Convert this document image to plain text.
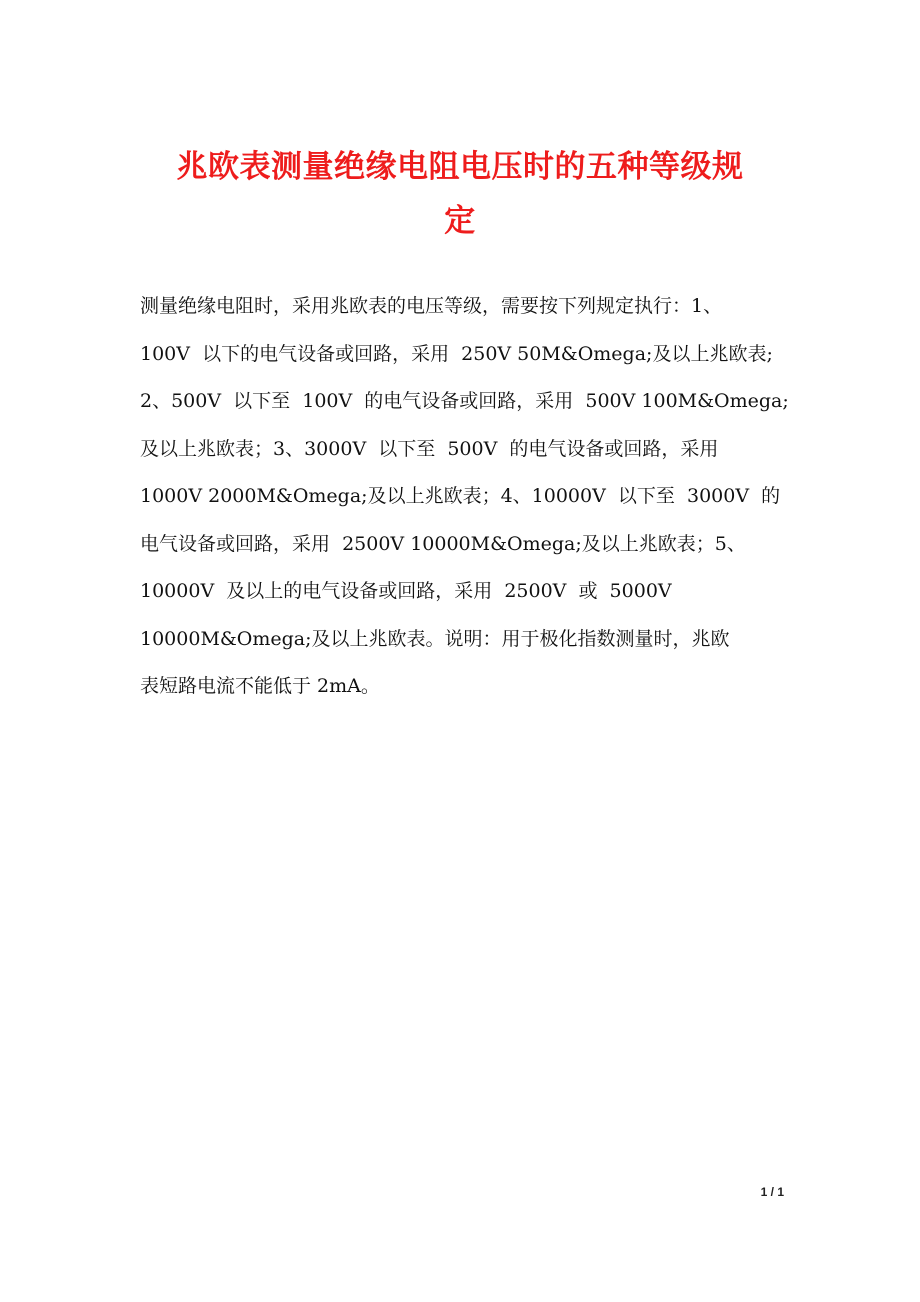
兆欧表测量绝缘电阻电压时的五种等级规
定
测量绝缘电阻时，采用兆欧表的电压等级，需要按下列规定执行：1、
100V  以下的电气设备或回路，采用  250V 50M&Omega;及以上兆欧表;
2、500V  以下至  100V  的电气设备或回路，采用  500V 100M&Omega;
及以上兆欧表；3、3000V  以下至  500V  的电气设备或回路，采用
1000V 2000M&Omega;及以上兆欧表；4、10000V  以下至  3000V  的
电气设备或回路，采用  2500V 10000M&Omega;及以上兆欧表；5、
10000V  及以上的电气设备或回路，采用  2500V  或  5000V
10000M&Omega;及以上兆欧表。说明：用于极化指数测量时，兆欧
表短路电流不能低于 2mA。
1 / 1
